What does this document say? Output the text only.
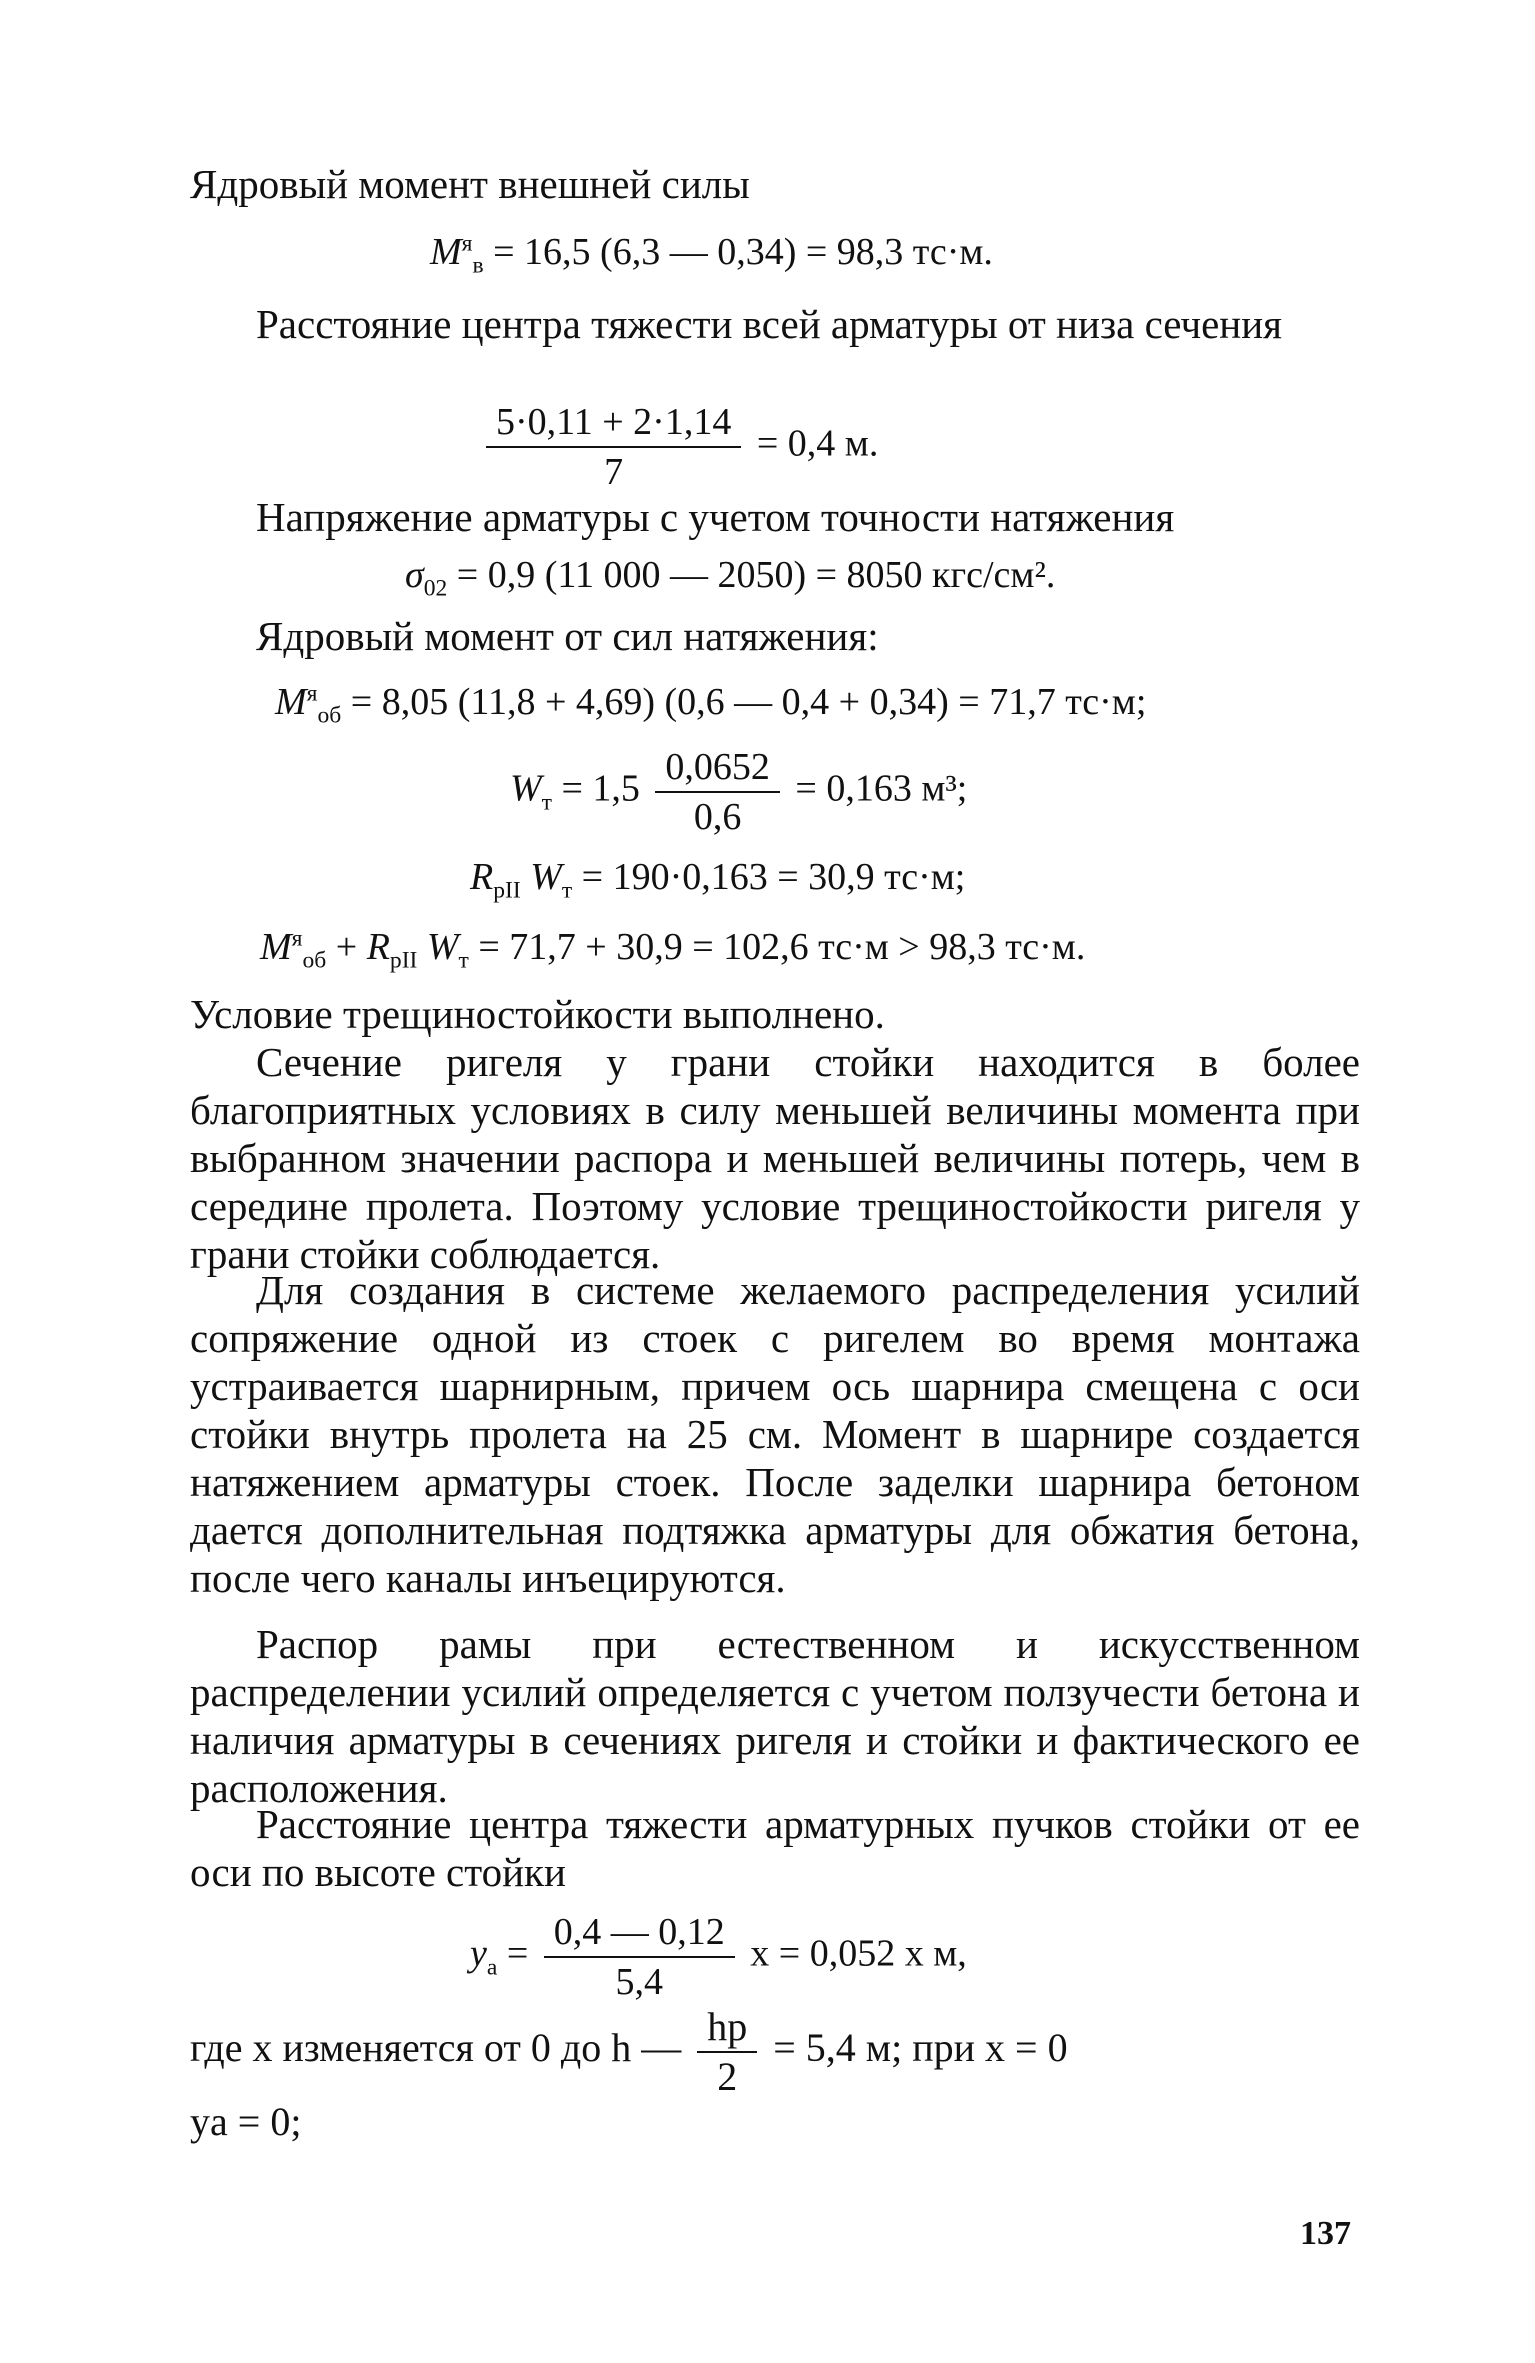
Ядровый момент внешней силы

$M^я_в = 16,5$ (6,3 — 0,34) = 98,3 тс·м.

Расстояние центра тяжести всей арматуры от низа сечения

$\frac{5\cdot 0,11 + 2\cdot 1,14}{7} = 0,4$ м.

Напряжение арматуры с учетом точности натяжения

$\sigma_{02} = 0,9$ (11 000 — 2050) = 8050 кгс/см².

Ядровый момент от сил натяжения:

$M^я_{об} = 8,05$ (11,8 + 4,69) (0,6 — 0,4 + 0,34) = 71,7 тс·м;
$W_т = 1,5 \frac{0,0652}{0,6} = 0,163$ м³;
$R_{рII}$ $W_т = 190\cdot 0,163 = 30,9$ тс·м;
$M^я_{об} + R_{рII}$ $W_т = 71,7 + 30,9 = 102,6$ тс·м > 98,3 тс·м.

Условие трещиностойкости выполнено.

Сечение ригеля у грани стойки находится в более благоприятных условиях в силу меньшей величины момента при выбранном значении распора и меньшей величины потерь, чем в середине пролета. Поэтому условие трещиностойкости ригеля у грани стойки соблюдается.

Для создания в системе желаемого распределения усилий сопряжение одной из стоек с ригелем во время монтажа устраивается шарнирным, причем ось шарнира смещена с оси стойки внутрь пролета на 25 см. Момент в шарнире создается натяжением арматуры стоек. После заделки шарнира бетоном дается дополнительная подтяжка арматуры для обжатия бетона, после чего каналы инъецируются.

Распор рамы при естественном и искусственном распределении усилий определяется с учетом ползучести бетона и наличия арматуры в сечениях ригеля и стойки и фактического ее расположения.

Расстояние центра тяжести арматурных пучков стойки от ее оси по высоте стойки

$y_а = \frac{0,4 — 0,12}{5,4}$ x = 0,052 x м,
где x изменяется от 0 до h — $\frac{hр}{2} = 5,4$ м; при x = 0
yа = 0;
137
